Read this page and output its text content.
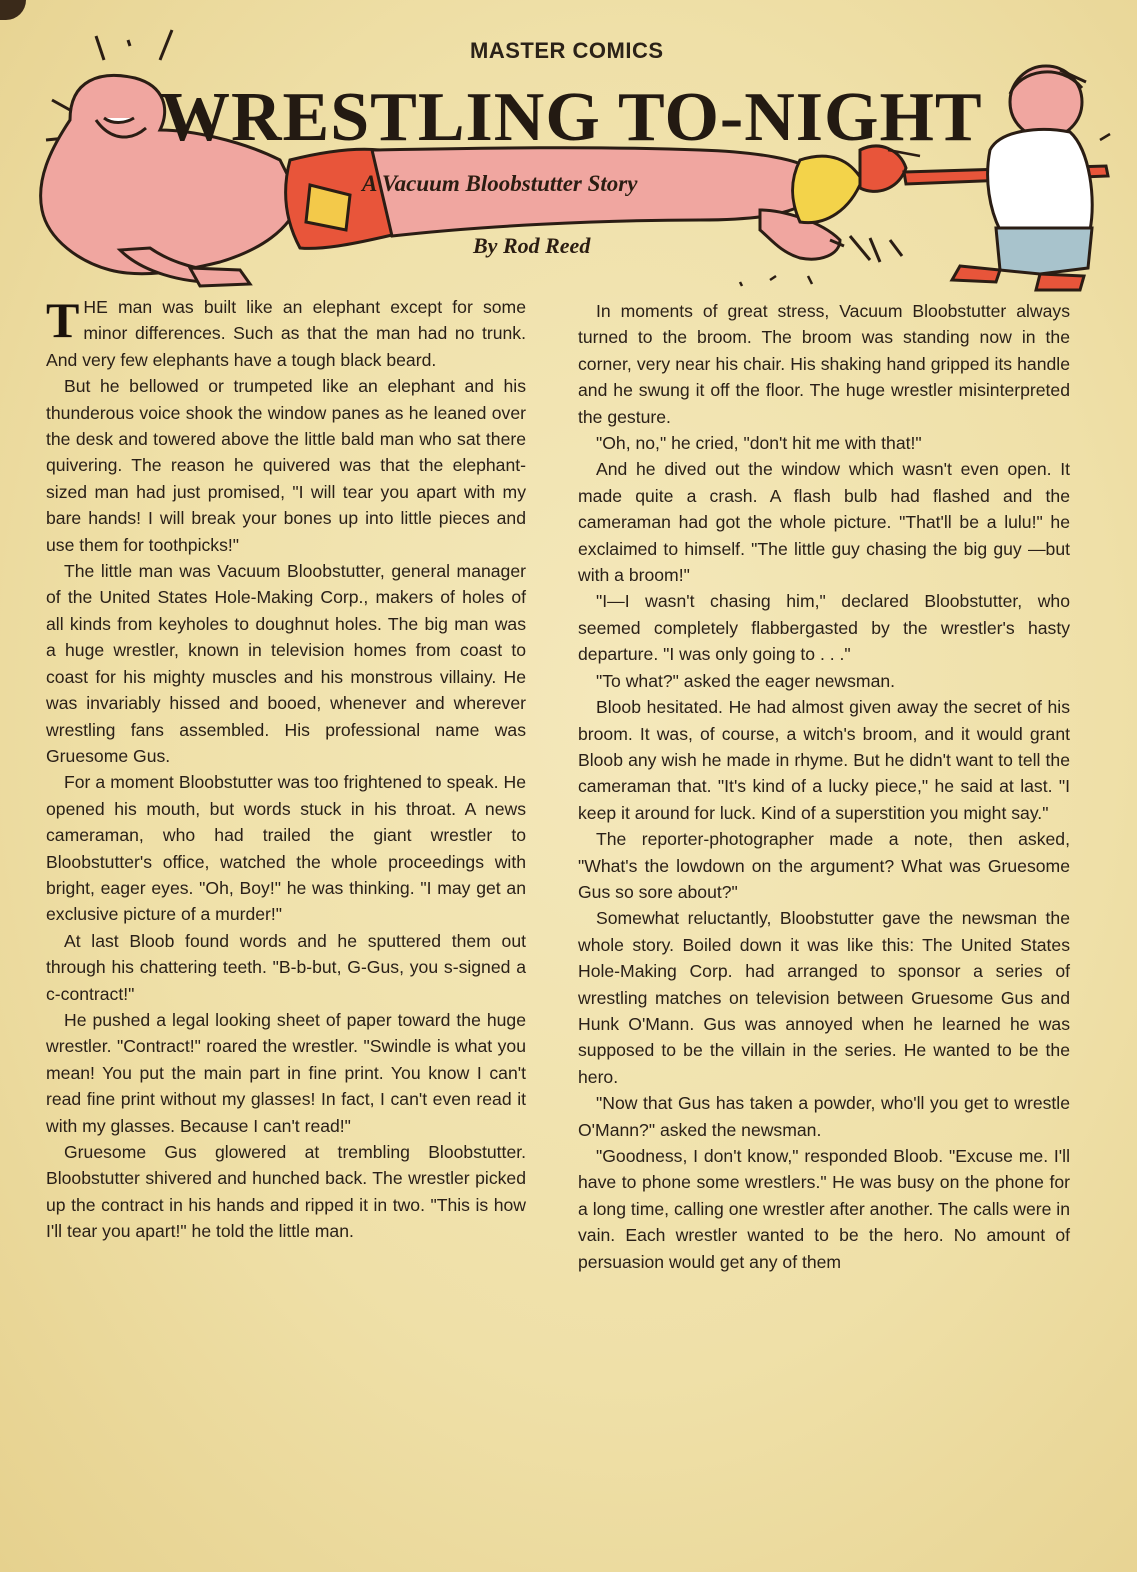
MASTER COMICS
WRESTLING TO-NIGHT
A Vacuum Bloobstutter Story
By Rod Reed

THE man was built like an elephant except for some minor differences. Such as that the man had no trunk. And very few elephants have a tough black beard.

But he bellowed or trumpeted like an elephant and his thunderous voice shook the window panes as he leaned over the desk and towered above the little bald man who sat there quivering. The reason he quivered was that the elephant-sized man had just promised, "I will tear you apart with my bare hands! I will break your bones up into little pieces and use them for toothpicks!"

The little man was Vacuum Bloobstutter, general manager of the United States Hole-Making Corp., makers of holes of all kinds from keyholes to doughnut holes. The big man was a huge wrestler, known in television homes from coast to coast for his mighty muscles and his monstrous villainy. He was invariably hissed and booed, whenever and wherever wrestling fans assembled. His professional name was Gruesome Gus.

For a moment Bloobstutter was too frightened to speak. He opened his mouth, but words stuck in his throat. A news cameraman, who had trailed the giant wrestler to Bloobstutter's office, watched the whole proceedings with bright, eager eyes. "Oh, Boy!" he was thinking. "I may get an exclusive picture of a murder!"

At last Bloob found words and he sputtered them out through his chattering teeth. "B-b-but, G-Gus, you s-signed a c-contract!"

He pushed a legal looking sheet of paper toward the huge wrestler. "Contract!" roared the wrestler. "Swindle is what you mean! You put the main part in fine print. You know I can't read fine print without my glasses! In fact, I can't even read it with my glasses. Because I can't read!"

Gruesome Gus glowered at trembling Bloobstutter. Bloobstutter shivered and hunched back. The wrestler picked up the contract in his hands and ripped it in two. "This is how I'll tear you apart!" he told the little man.

In moments of great stress, Vacuum Bloobstutter always turned to the broom. The broom was standing now in the corner, very near his chair. His shaking hand gripped its handle and he swung it off the floor. The huge wrestler misinterpreted the gesture.

"Oh, no," he cried, "don't hit me with that!"

And he dived out the window which wasn't even open. It made quite a crash. A flash bulb had flashed and the cameraman had got the whole picture. "That'll be a lulu!" he exclaimed to himself. "The little guy chasing the big guy —but with a broom!"

"I—I wasn't chasing him," declared Bloobstutter, who seemed completely flabbergasted by the wrestler's hasty departure. "I was only going to . . ."

"To what?" asked the eager newsman.

Bloob hesitated. He had almost given away the secret of his broom. It was, of course, a witch's broom, and it would grant Bloob any wish he made in rhyme. But he didn't want to tell the cameraman that. "It's kind of a lucky piece," he said at last. "I keep it around for luck. Kind of a superstition you might say."

The reporter-photographer made a note, then asked, "What's the lowdown on the argument? What was Gruesome Gus so sore about?"

Somewhat reluctantly, Bloobstutter gave the newsman the whole story. Boiled down it was like this: The United States Hole-Making Corp. had arranged to sponsor a series of wrestling matches on television between Gruesome Gus and Hunk O'Mann. Gus was annoyed when he learned he was supposed to be the villain in the series. He wanted to be the hero.

"Now that Gus has taken a powder, who'll you get to wrestle O'Mann?" asked the newsman.

"Goodness, I don't know," responded Bloob. "Excuse me. I'll have to phone some wrestlers." He was busy on the phone for a long time, calling one wrestler after another. The calls were in vain. Each wrestler wanted to be the hero. No amount of persuasion would get any of them
